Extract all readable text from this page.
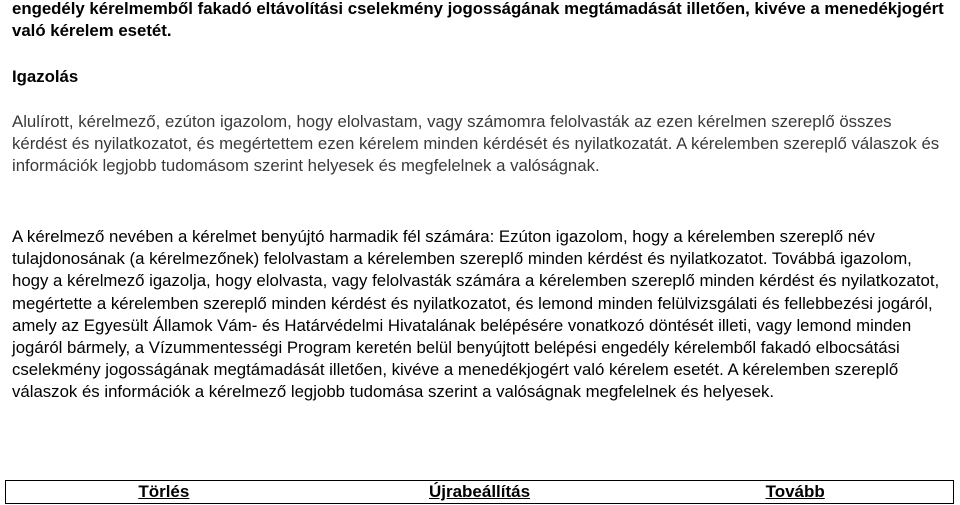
engedély kérelmemből fakadó eltávolítási cselekmény jogosságának megtámadását illetően, kivéve a menedékjogért való kérelem esetét.

Igazolás

Alulírott, kérelmező, ezúton igazolom, hogy elolvastam, vagy számomra felolvasták az ezen kérelmen szereplő összes kérdést és nyilatkozatot, és megértettem ezen kérelem minden kérdését és nyilatkozatát. A kérelemben szereplő válaszok és információk legjobb tudomásom szerint helyesek és megfelelnek a valóságnak.

A kérelmező nevében a kérelmet benyújtó harmadik fél számára: Ezúton igazolom, hogy a kérelemben szereplő név tulajdonosának (a kérelmezőnek) felolvastam a kérelemben szereplő minden kérdést és nyilatkozatot. Továbbá igazolom, hogy a kérelmező igazolja, hogy elolvasta, vagy felolvasták számára a kérelemben szereplő minden kérdést és nyilatkozatot, megértette a kérelemben szereplő minden kérdést és nyilatkozatot, és lemond minden felülvizsgálati és fellebbezési jogáról, amely az Egyesült Államok Vám- és Határvédelmi Hivatalának belépésére vonatkozó döntését illeti, vagy lemond minden jogáról bármely, a Vízummentességi Program keretén belül benyújtott belépési engedély kérelemből fakadó elbocsátási cselekmény jogosságának megtámadását illetően, kivéve a menedékjogért való kérelem esetét. A kérelemben szereplő válaszok és információk a kérelmező legjobb tudomása szerint a valóságnak megfelelnek és helyesek.

Törlés	Újrabeállítás	Tovább
